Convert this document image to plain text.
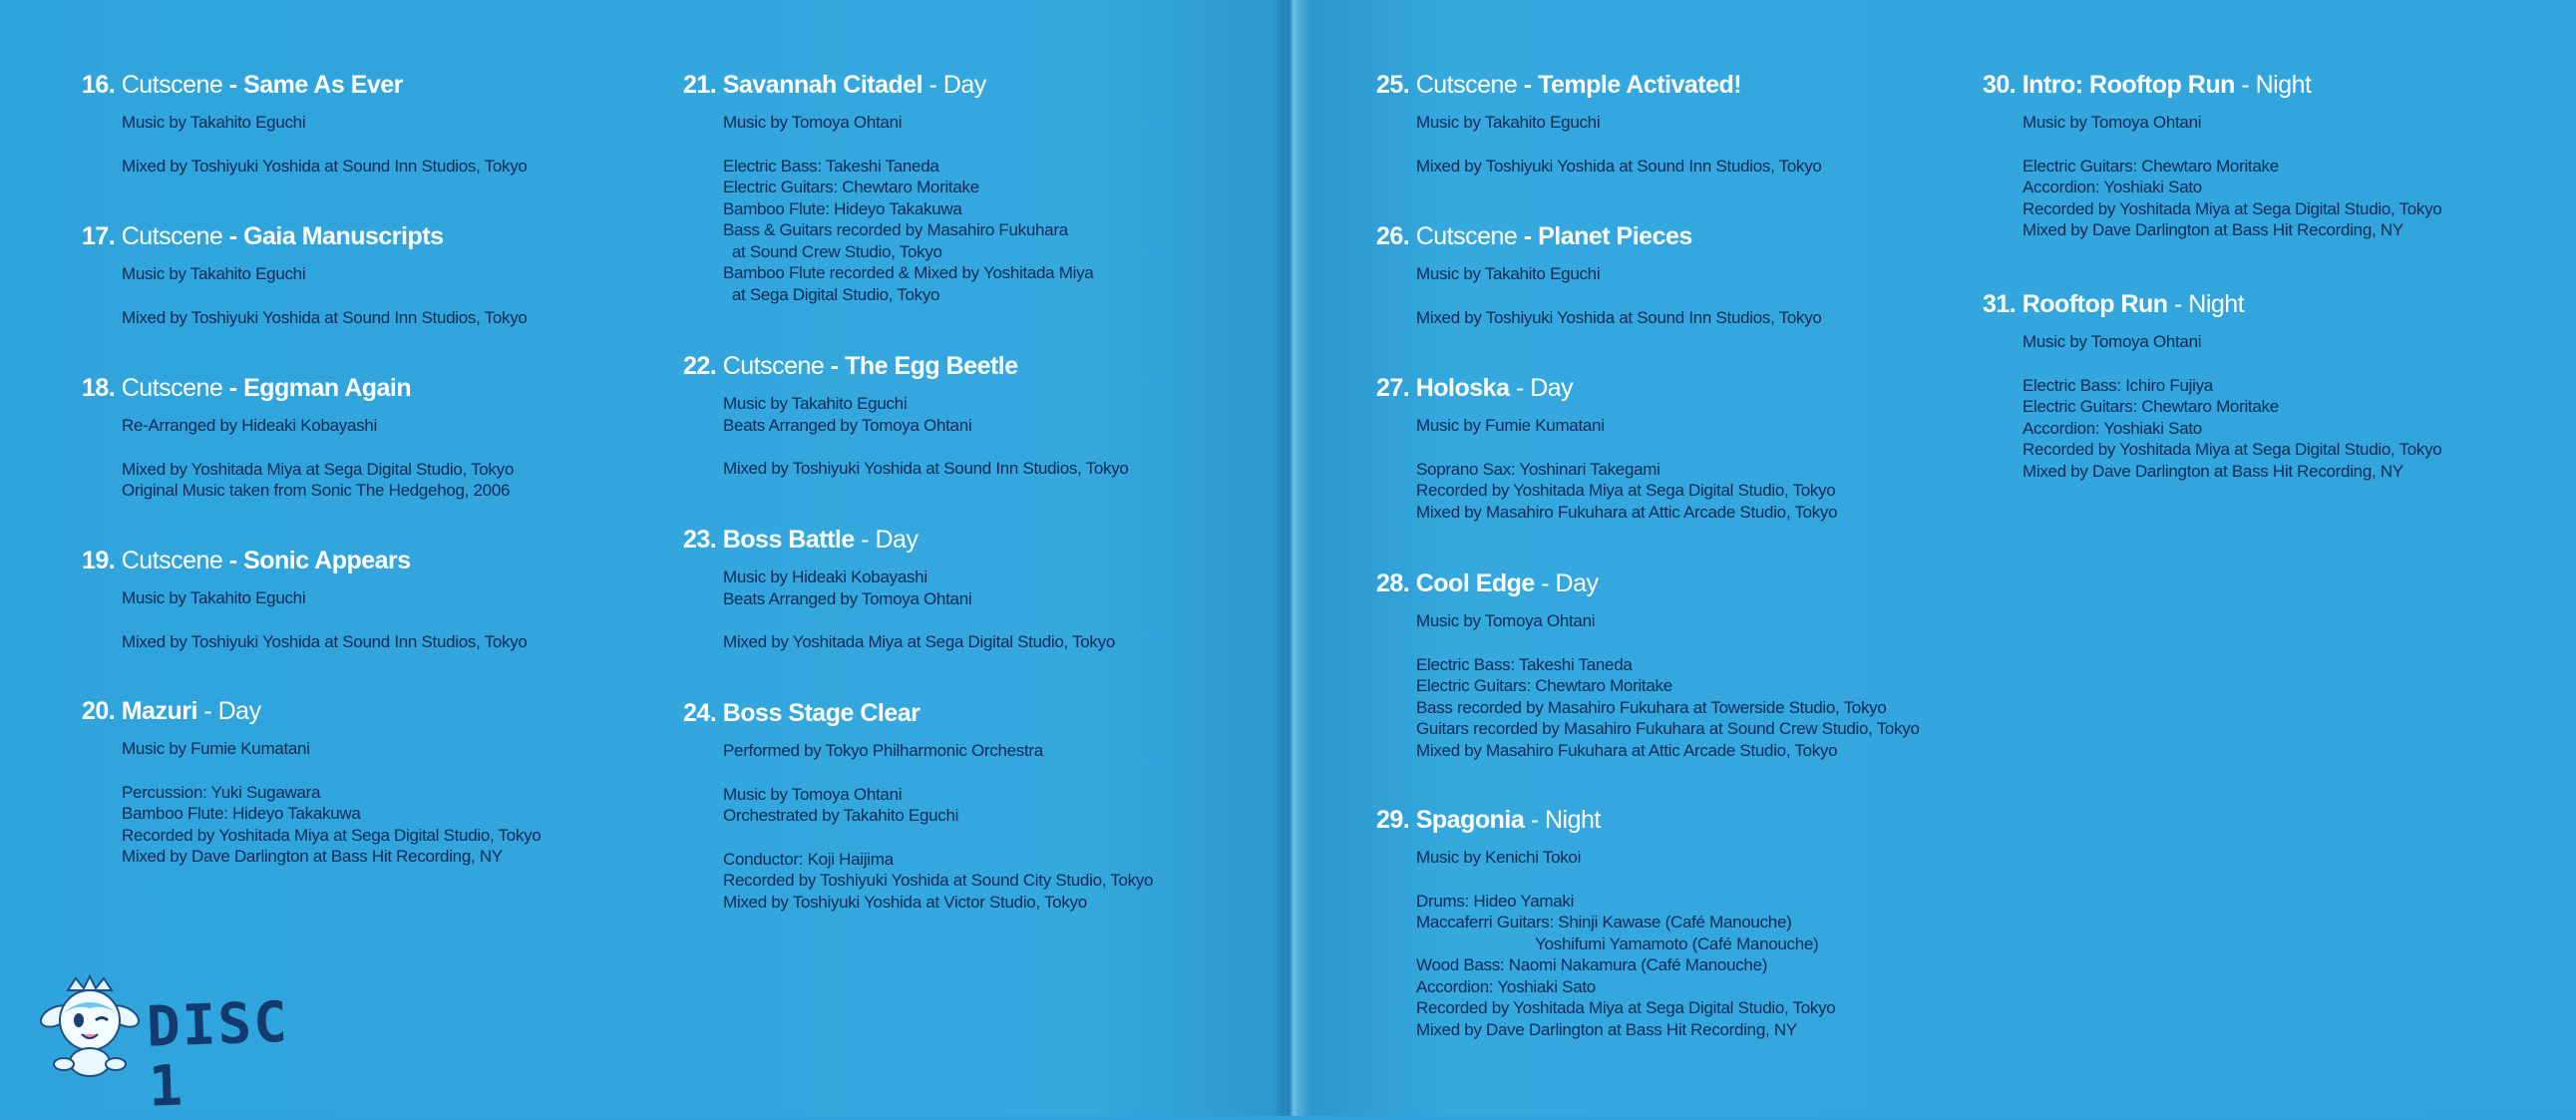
16. Cutscene - Same As Ever
Music by Takahito Eguchi
Mixed by Toshiyuki Yoshida at Sound Inn Studios, Tokyo
17. Cutscene - Gaia Manuscripts
Music by Takahito Eguchi
Mixed by Toshiyuki Yoshida at Sound Inn Studios, Tokyo
18. Cutscene - Eggman Again
Re-Arranged by Hideaki Kobayashi
Mixed by Yoshitada Miya at Sega Digital Studio, Tokyo
Original Music taken from Sonic The Hedgehog, 2006
19. Cutscene - Sonic Appears
Music by Takahito Eguchi
Mixed by Toshiyuki Yoshida at Sound Inn Studios, Tokyo
20. Mazuri - Day
Music by Fumie Kumatani
Percussion: Yuki Sugawara
Bamboo Flute: Hideyo Takakuwa
Recorded by Yoshitada Miya at Sega Digital Studio, Tokyo
Mixed by Dave Darlington at Bass Hit Recording, NY
21. Savannah Citadel - Day
Music by Tomoya Ohtani
Electric Bass: Takeshi Taneda
Electric Guitars: Chewtaro Moritake
Bamboo Flute: Hideyo Takakuwa
Bass & Guitars recorded by Masahiro Fukuhara
at Sound Crew Studio, Tokyo
Bamboo Flute recorded & Mixed by Yoshitada Miya
at Sega Digital Studio, Tokyo
22. Cutscene - The Egg Beetle
Music by Takahito Eguchi
Beats Arranged by Tomoya Ohtani
Mixed by Toshiyuki Yoshida at Sound Inn Studios, Tokyo
23. Boss Battle - Day
Music by Hideaki Kobayashi
Beats Arranged by Tomoya Ohtani
Mixed by Yoshitada Miya at Sega Digital Studio, Tokyo
24. Boss Stage Clear
Performed by Tokyo Philharmonic Orchestra
Music by Tomoya Ohtani
Orchestrated by Takahito Eguchi
Conductor: Koji Haijima
Recorded by Toshiyuki Yoshida at Sound City Studio, Tokyo
Mixed by Toshiyuki Yoshida at Victor Studio, Tokyo
25. Cutscene - Temple Activated!
Music by Takahito Eguchi
Mixed by Toshiyuki Yoshida at Sound Inn Studios, Tokyo
26. Cutscene - Planet Pieces
Music by Takahito Eguchi
Mixed by Toshiyuki Yoshida at Sound Inn Studios, Tokyo
27. Holoska - Day
Music by Fumie Kumatani
Soprano Sax: Yoshinari Takegami
Recorded by Yoshitada Miya at Sega Digital Studio, Tokyo
Mixed by Masahiro Fukuhara at Attic Arcade Studio, Tokyo
28. Cool Edge - Day
Music by Tomoya Ohtani
Electric Bass: Takeshi Taneda
Electric Guitars: Chewtaro Moritake
Bass recorded by Masahiro Fukuhara at Towerside Studio, Tokyo
Guitars recorded by Masahiro Fukuhara at Sound Crew Studio, Tokyo
Mixed by Masahiro Fukuhara at Attic Arcade Studio, Tokyo
29. Spagonia - Night
Music by Kenichi Tokoi
Drums: Hideo Yamaki
Maccaferri Guitars: Shinji Kawase (Café Manouche)
Yoshifumi Yamamoto (Café Manouche)
Wood Bass: Naomi Nakamura (Café Manouche)
Accordion: Yoshiaki Sato
Recorded by Yoshitada Miya at Sega Digital Studio, Tokyo
Mixed by Dave Darlington at Bass Hit Recording, NY
30. Intro: Rooftop Run - Night
Music by Tomoya Ohtani
Electric Guitars: Chewtaro Moritake
Accordion: Yoshiaki Sato
Recorded by Yoshitada Miya at Sega Digital Studio, Tokyo
Mixed by Dave Darlington at Bass Hit Recording, NY
31. Rooftop Run - Night
Music by Tomoya Ohtani
Electric Bass: Ichiro Fujiya
Electric Guitars: Chewtaro Moritake
Accordion: Yoshiaki Sato
Recorded by Yoshitada Miya at Sega Digital Studio, Tokyo
Mixed by Dave Darlington at Bass Hit Recording, NY
DISC 1
